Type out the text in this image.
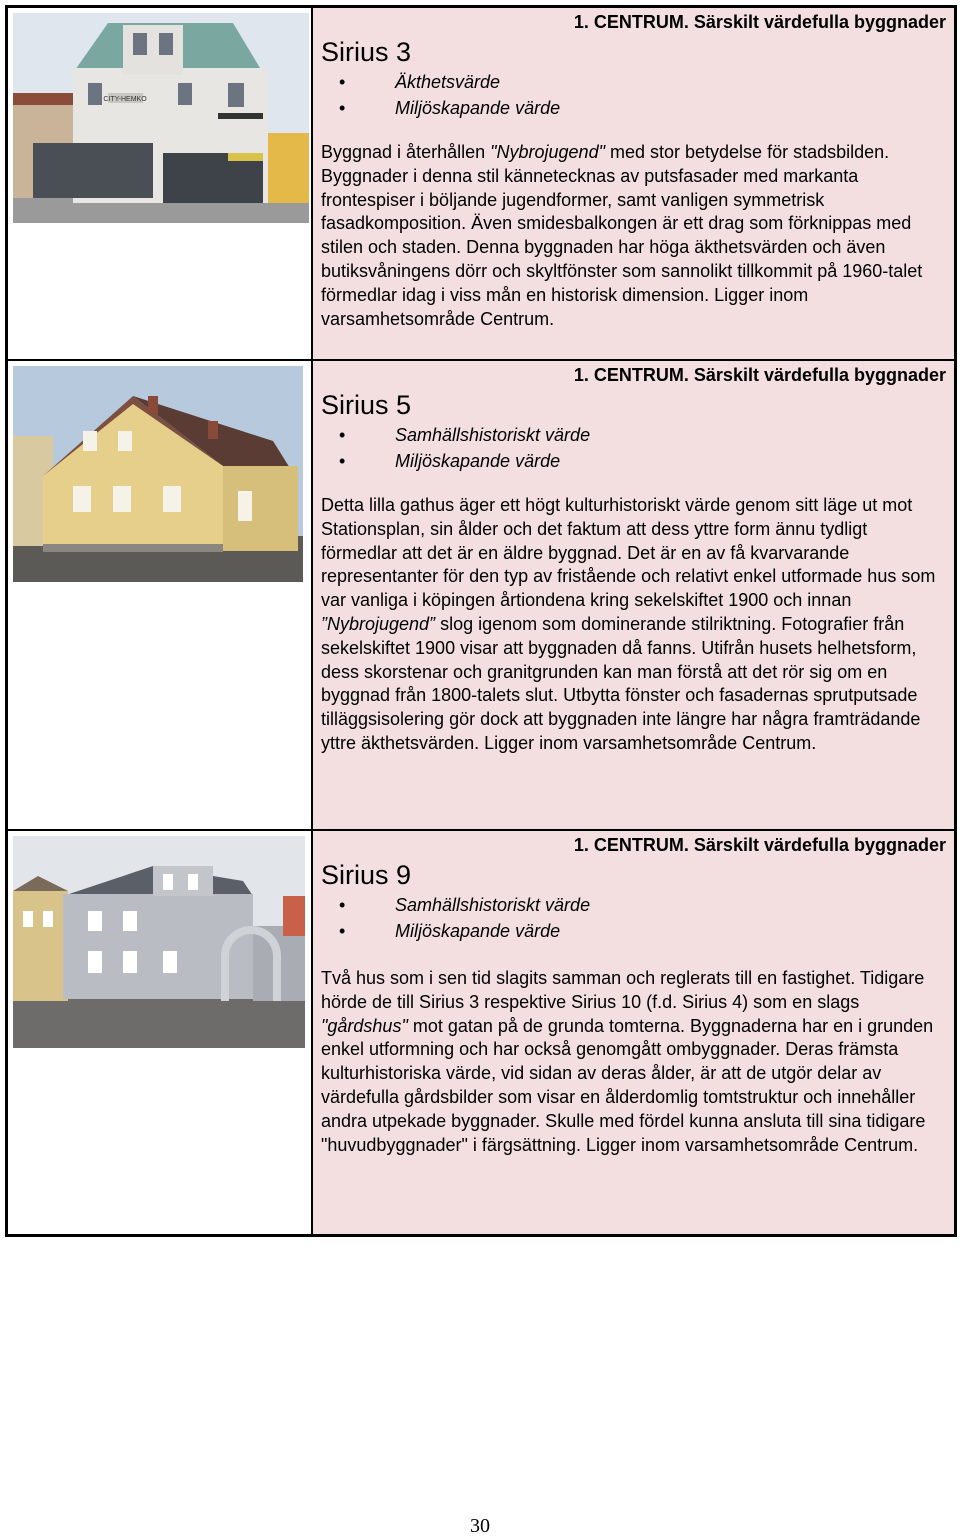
CITY-HEMKO
1. CENTRUM. Särskilt värdefulla byggnader
Sirius 3
• Äkthetsvärde
• Miljöskapande värde
Byggnad i återhållen "Nybrojugend" med stor betydelse för stadsbilden. Byggnader i denna stil kännetecknas av putsfasader med markanta frontespiser i böljande jugendformer, samt vanligen symmetrisk fasadkomposition. Även smidesbalkongen är ett drag som förknippas med stilen och staden. Denna byggnaden har höga äkthetsvärden och även butiksvåningens dörr och skyltfönster som sannolikt tillkommit på 1960-talet förmedlar idag i viss mån en historisk dimension. Ligger inom varsamhetsområde Centrum.
1. CENTRUM. Särskilt värdefulla byggnader
Sirius 5
• Samhällshistoriskt värde
• Miljöskapande värde
Detta lilla gathus äger ett högt kulturhistoriskt värde genom sitt läge ut mot Stationsplan, sin ålder och det faktum att dess yttre form ännu tydligt förmedlar att det är en äldre byggnad. Det är en av få kvarvarande representanter för den typ av fristående och relativt enkel utformade hus som var vanliga i köpingen årtiondena kring sekelskiftet 1900 och innan ”Nybrojugend” slog igenom som dominerande stilriktning. Fotografier från sekelskiftet 1900 visar att byggnaden då fanns. Utifrån husets helhetsform, dess skorstenar och granitgrunden kan man förstå att det rör sig om en byggnad från 1800-talets slut. Utbytta fönster och fasadernas sprutputsade tilläggsisolering gör dock att byggnaden inte längre har några framträdande yttre äkthetsvärden. Ligger inom varsamhetsområde Centrum.
1. CENTRUM. Särskilt värdefulla byggnader
Sirius 9
• Samhällshistoriskt värde
• Miljöskapande värde
Två hus som i sen tid slagits samman och reglerats till en fastighet. Tidigare hörde de till Sirius 3 respektive Sirius 10 (f.d. Sirius 4) som en slags "gårdshus" mot gatan på de grunda tomterna. Byggnaderna har en i grunden enkel utformning och har också genomgått ombyggnader. Deras främsta kulturhistoriska värde, vid sidan av deras ålder, är att de utgör delar av värdefulla gårdsbilder som visar en ålderdomlig tomtstruktur och innehåller andra utpekade byggnader. Skulle med fördel kunna ansluta till sina tidigare "huvudbyggnader" i färgsättning. Ligger inom varsamhetsområde Centrum.
30
